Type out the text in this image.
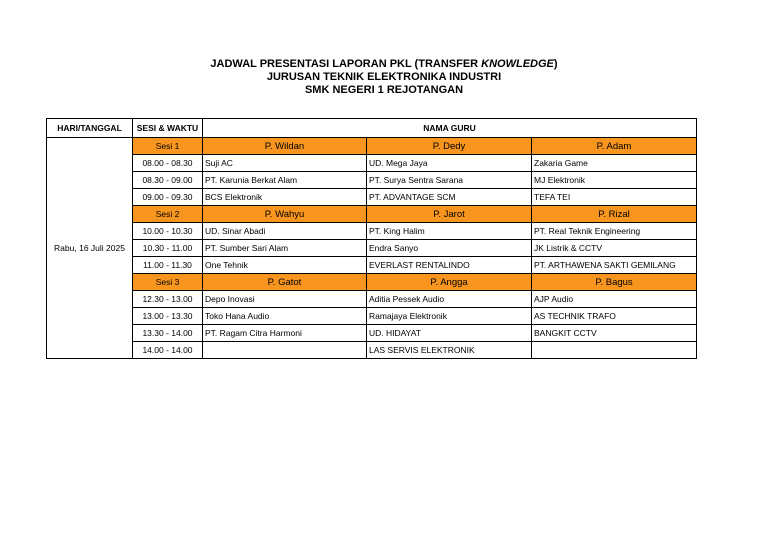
JADWAL PRESENTASI LAPORAN PKL (TRANSFER KNOWLEDGE)
JURUSAN TEKNIK ELEKTRONIKA INDUSTRI
SMK NEGERI 1 REJOTANGAN
HARI/TANGGAL	SESI & WAKTU	NAMA GURU		
Rabu, 16 Juli 2025	Sesi 1	P. Wildan	P. Dedy	P. Adam
	08.00 - 08.30	Suji AC	UD. Mega Jaya	Zakaria Game
	08.30 - 09.00	PT. Karunia Berkat Alam	PT. Surya Sentra Sarana	MJ Elektronik
	09.00 - 09.30	BCS Elektronik	PT. ADVANTAGE SCM	TEFA TEI
	Sesi 2	P. Wahyu	P. Jarot	P. Rizal
	10.00 - 10.30	UD. Sinar Abadi	PT. King Halim	PT. Real Teknik Engineering
	10.30 - 11.00	PT. Sumber Sari Alam	Endra Sanyo	JK Listrik & CCTV
	11.00 - 11.30	One Tehnik	EVERLAST RENTALINDO	PT. ARTHAWENA SAKTI GEMILANG
	Sesi 3	P. Gatot	P. Angga	P. Bagus
	12.30 - 13.00	Depo Inovasi	Aditia Pessek Audio	AJP Audio
	13.00 - 13.30	Toko Hana Audio	Ramajaya Elektronik	AS TECHNIK TRAFO
	13.30 - 14.00	PT. Ragam Citra Harmoni	UD. HIDAYAT	BANGKIT CCTV
	14.00 - 14.00		LAS SERVIS ELEKTRONIK	
